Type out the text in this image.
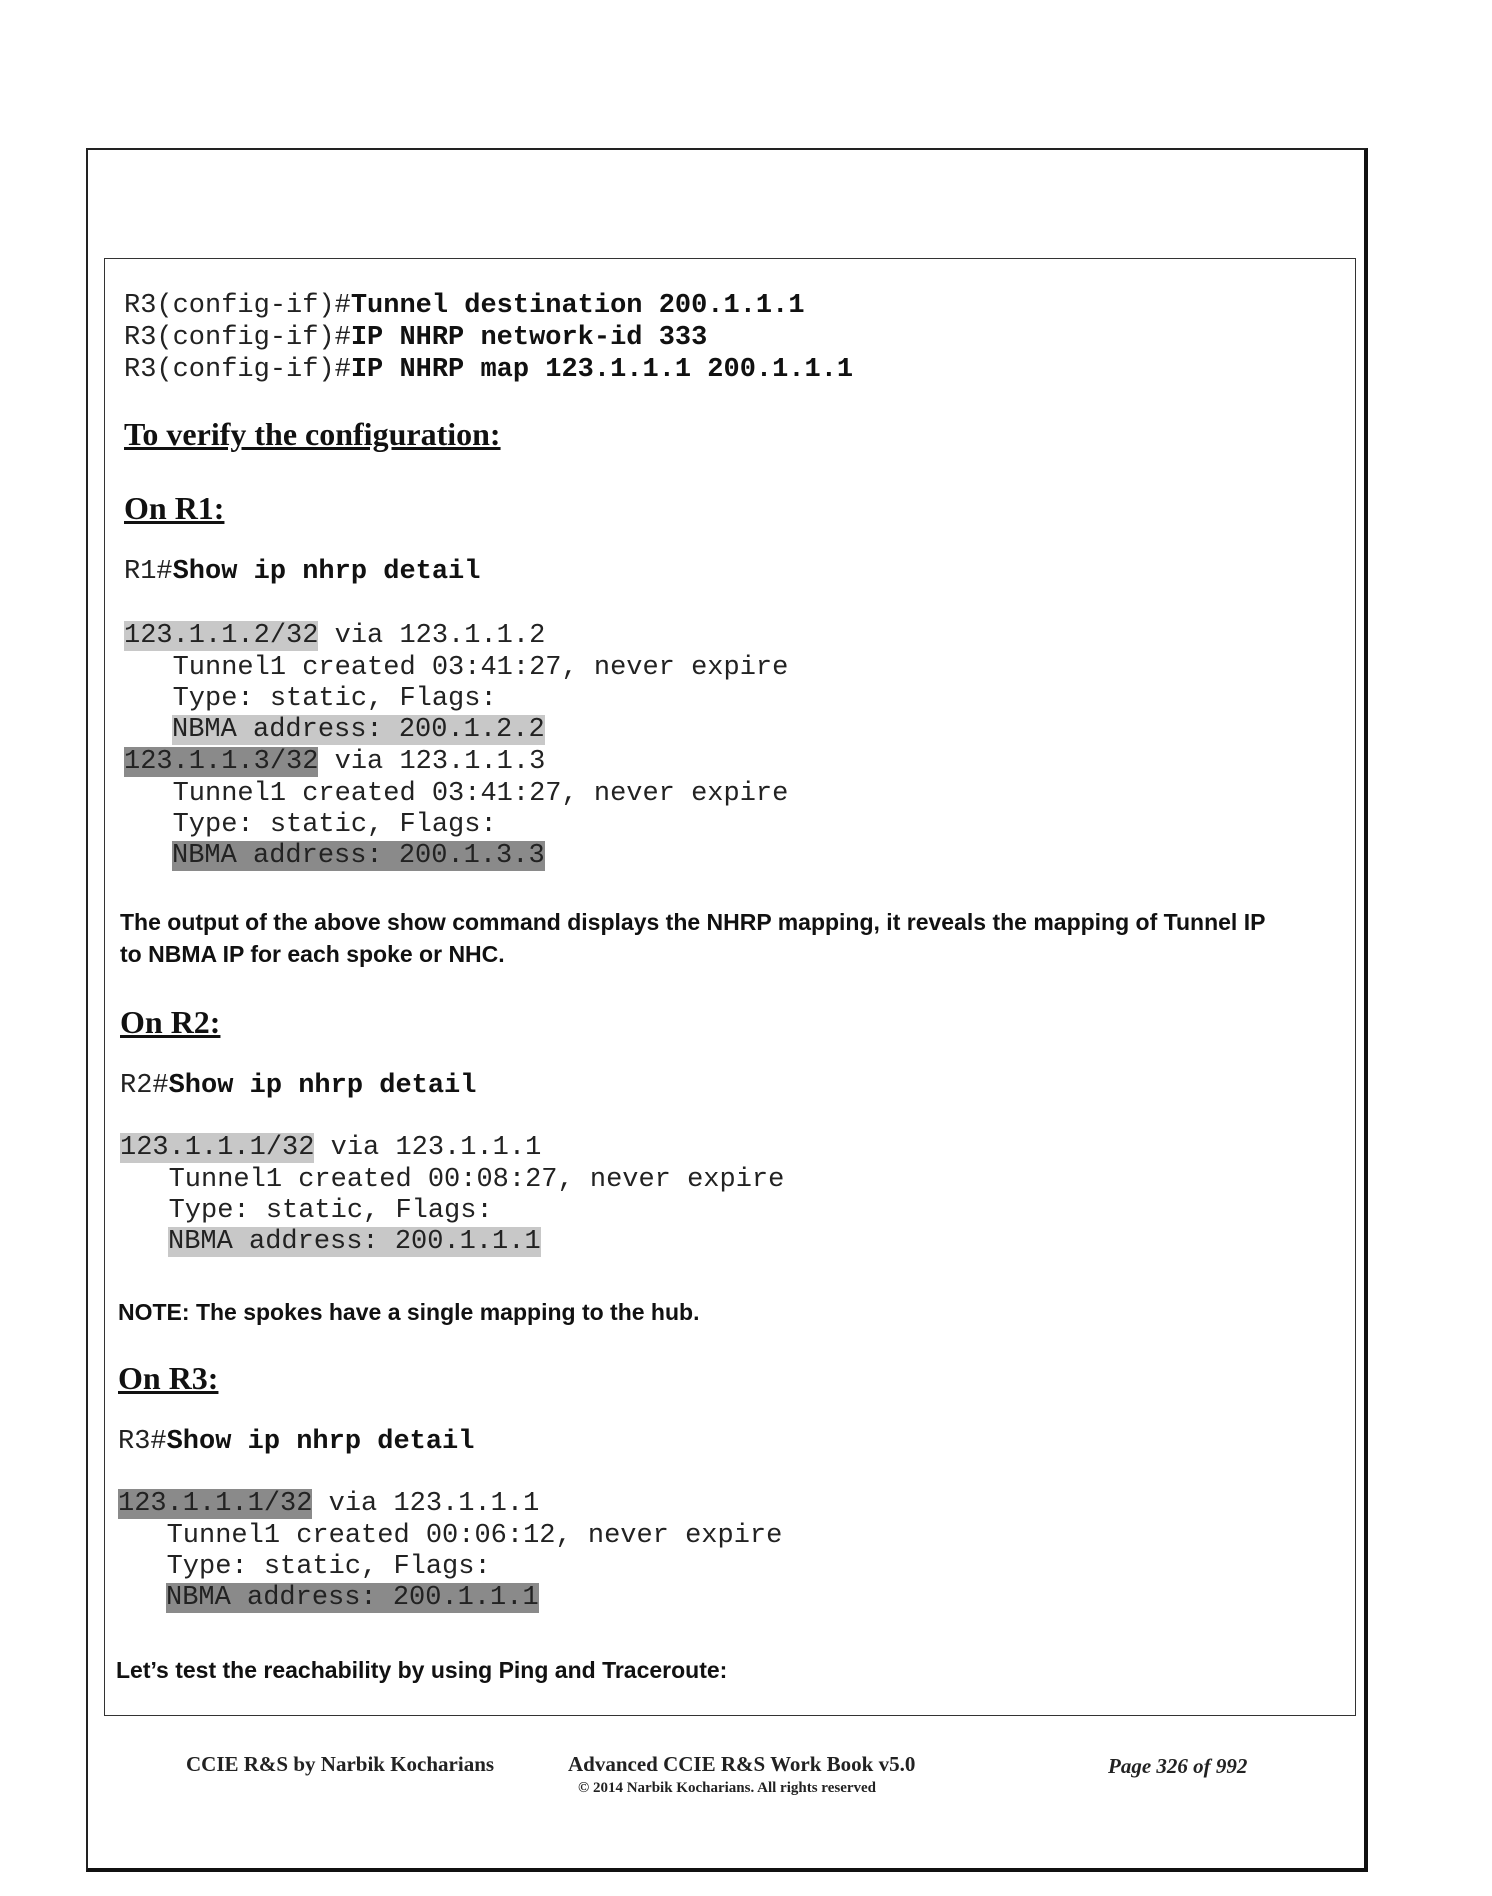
R3(config-if)#Tunnel destination 200.1.1.1
R3(config-if)#IP NHRP network-id 333
R3(config-if)#IP NHRP map 123.1.1.1 200.1.1.1
To verify the configuration:
On R1:
R1#Show ip nhrp detail
123.1.1.2/32 via 123.1.1.2
Tunnel1 created 03:41:27, never expire
Type: static, Flags:
NBMA address: 200.1.2.2
123.1.1.3/32 via 123.1.1.3
Tunnel1 created 03:41:27, never expire
Type: static, Flags:
NBMA address: 200.1.3.3
The output of the above show command displays the NHRP mapping, it reveals the mapping of Tunnel IP
to NBMA IP for each spoke or NHC.
On R2:
R2#Show ip nhrp detail
123.1.1.1/32 via 123.1.1.1
Tunnel1 created 00:08:27, never expire
Type: static, Flags:
NBMA address: 200.1.1.1
NOTE: The spokes have a single mapping to the hub.
On R3:
R3#Show ip nhrp detail
123.1.1.1/32 via 123.1.1.1
Tunnel1 created 00:06:12, never expire
Type: static, Flags:
NBMA address: 200.1.1.1
Let’s test the reachability by using Ping and Traceroute:
CCIE R&S by Narbik Kocharians	Advanced CCIE R&S Work Book v5.0
© 2014 Narbik Kocharians. All rights reserved
Page 326 of 992
